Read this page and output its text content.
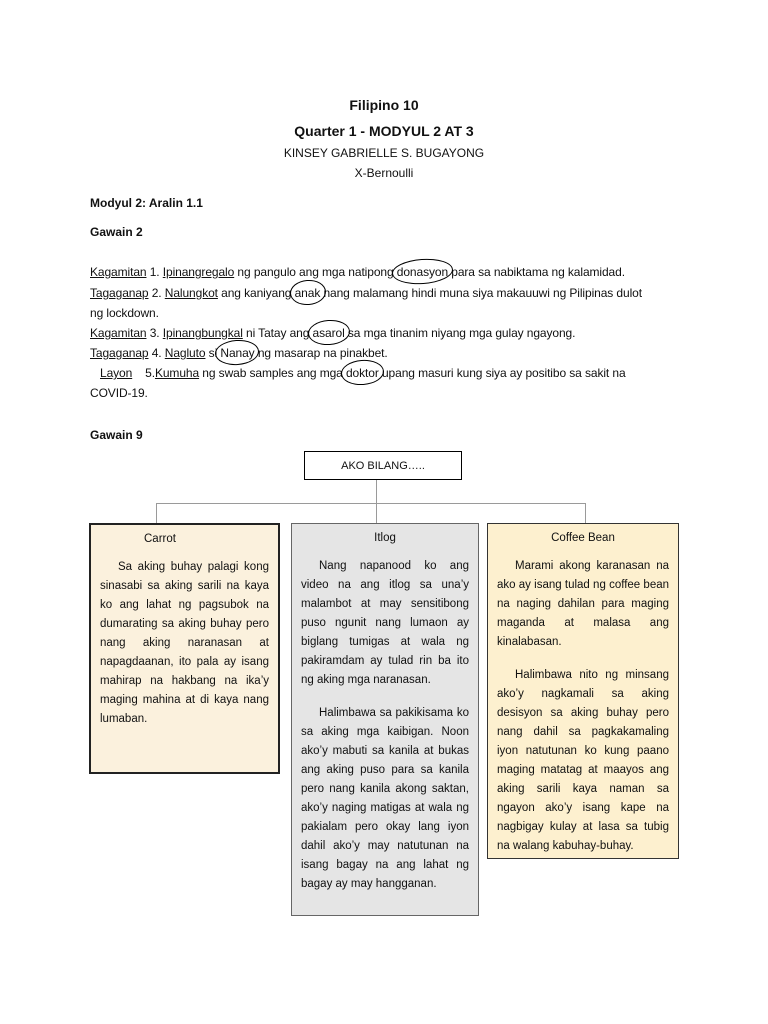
Filipino 10
Quarter 1 - MODYUL 2 AT 3
KINSEY GABRIELLE S. BUGAYONG
X-Bernoulli
Modyul 2: Aralin 1.1
Gawain 2
Kagamitan 1. Ipinangregalo ng pangulo ang mga natipong donasyon para sa nabiktama ng kalamidad.
Tagaganap 2. Nalungkot ang kaniyang anak nang malamang hindi muna siya makauuwi ng Pilipinas dulot
ng lockdown.
Kagamitan 3. Ipinangbungkal ni Tatay ang asarol sa mga tinanim niyang mga gulay ngayong.
Tagaganap 4. Nagluto si Nanay ng masarap na pinakbet.
Layon    5.Kumuha ng swab samples ang mga doktor upang masuri kung siya ay positibo sa sakit na
COVID-19.
Gawain 9
AKO BILANG…..
Carrot

Sa aking buhay palagi kong sinasabi sa aking sarili na kaya ko ang lahat ng pagsubok na dumarating sa aking buhay pero nang aking naranasan at napagdaanan, ito pala ay isang mahirap na hakbang na ika’y maging mahina at di kaya nang lumaban.

Itlog

Nang napanood ko ang video na ang itlog sa una’y malambot at may sensitibong puso ngunit nang lumaon ay biglang tumigas at wala ng pakiramdam ay tulad rin ba ito ng aking mga naranasan.

Halimbawa sa pakikisama ko sa aking mga kaibigan. Noon ako’y mabuti sa kanila at bukas ang aking puso para sa kanila pero nang kanila akong saktan, ako’y naging matigas at wala ng pakialam pero okay lang iyon dahil ako’y may natutunan na isang bagay na ang lahat ng bagay ay may hangganan.

Coffee Bean

Marami akong karanasan na ako ay isang tulad ng coffee bean na naging dahilan para maging maganda at malasa ang kinalabasan.

Halimbawa nito ng minsang ako’y nagkamali sa aking desisyon sa aking buhay pero nang dahil sa pagkakamaling iyon natutunan ko kung paano maging matatag at maayos ang aking sarili kaya naman sa ngayon ako’y isang kape na nagbigay kulay at lasa sa tubig na walang kabuhay-buhay.
